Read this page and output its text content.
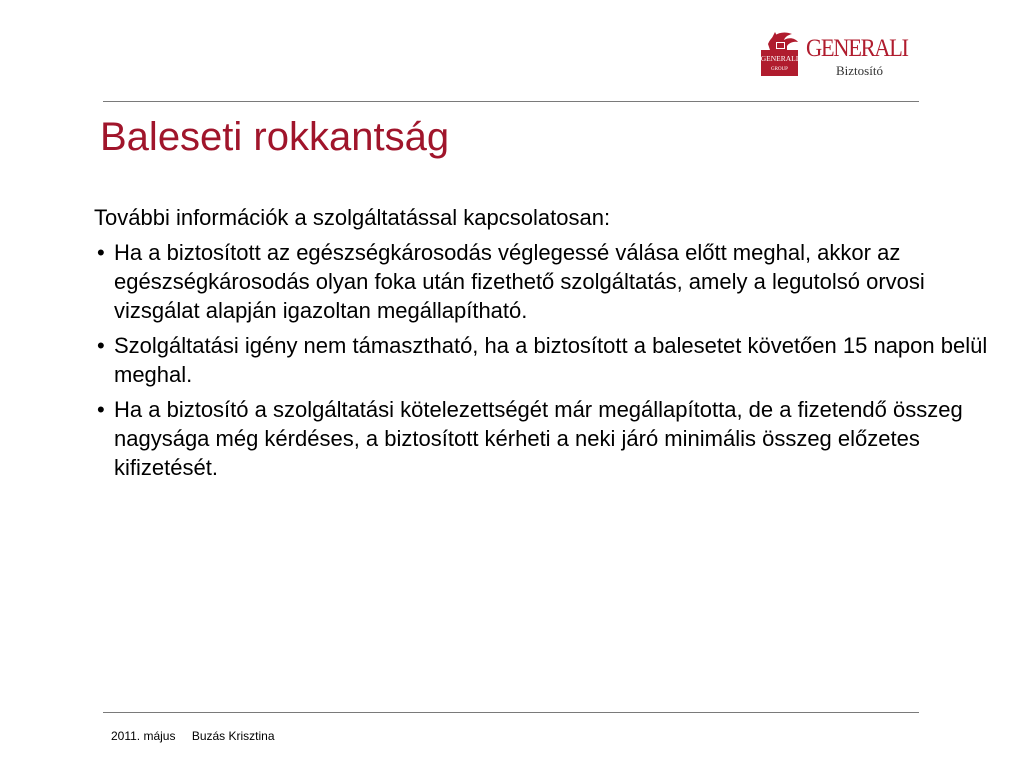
GENERALI
GROUP
GENERALI
Biztosító
Baleseti rokkantság

További információk a szolgáltatással kapcsolatosan:

• Ha a biztosított az egészségkárosodás véglegessé válása előtt meghal, akkor az egészségkárosodás olyan foka után fizethető szolgáltatás, amely a legutolsó orvosi vizsgálat alapján igazoltan megállapítható.
• Szolgáltatási igény nem támasztható, ha a biztosított a balesetet követően 15 napon belül meghal.
• Ha a biztosító a szolgáltatási kötelezettségét már megállapította, de a fizetendő összeg nagysága még kérdéses, a biztosított kérheti a neki járó minimális összeg előzetes kifizetését.
2011. május Buzás Krisztina
